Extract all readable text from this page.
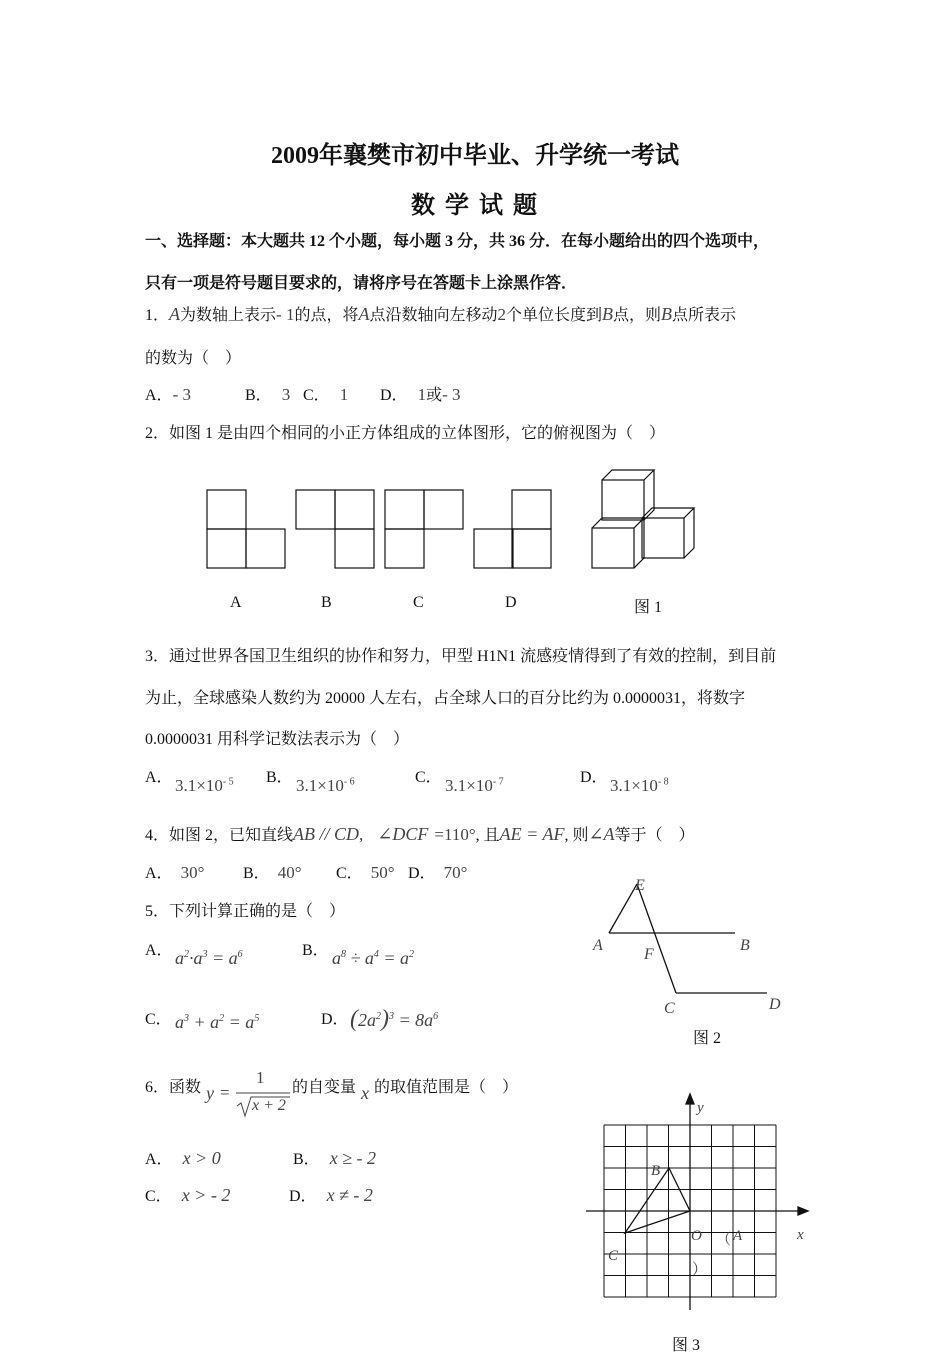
2009年襄樊市初中毕业、升学统一考试
数 学 试 题
一、选择题：本大题共 12 个小题，每小题 3 分，共 36 分．在每小题给出的四个选项中，
只有一项是符号题目要求的，请将序号在答题卡上涂黑作答．
1．A为数轴上表示- 1的点，将A点沿数轴向左移动2个单位长度到B点，则B点所表示
的数为（　）
A．- 3	B． 3 C． 1 D． 1或- 3
2．如图 1 是由四个相同的小正方体组成的立体图形，它的俯视图为（　）
A	B	C	D	图 1
3．通过世界各国卫生组织的协作和努力，甲型 H1N1 流感疫情得到了有效的控制，到目前
为止，全球感染人数约为 20000 人左右，占全球人口的百分比约为 0.0000031，将数字
0.0000031 用科学记数法表示为（　）
A． $3.1\times 10^{- 5}$ B． $3.1\times 10^{- 6}$	C． $3.1\times 10^{- 7}$	D． $3.1\times 10^{- 8}$
4．如图 2，已知直线AB // CD, ∠DCF =110°, 且AE = AF, 则∠A等于（　）
A． 30° B． 40° C． 50° D． 70°
5．下列计算正确的是（　）
A． $a^2\cdot a^3 = a^6$	B． $a^8 \div a^4 = a^2$
C． $a^3 + a^2 = a^5$	D． $(2a^2)^3 = 8a^6$
E
A	B
F
C	D
图 2
6．函数 y =
1
x + 2
的自变量 x 的取值范围是（　）
A． x > 0	B． x ≥ - 2
C． x > - 2	D． x ≠ - 2
y
x
B
O （ A
C
）
图 3
